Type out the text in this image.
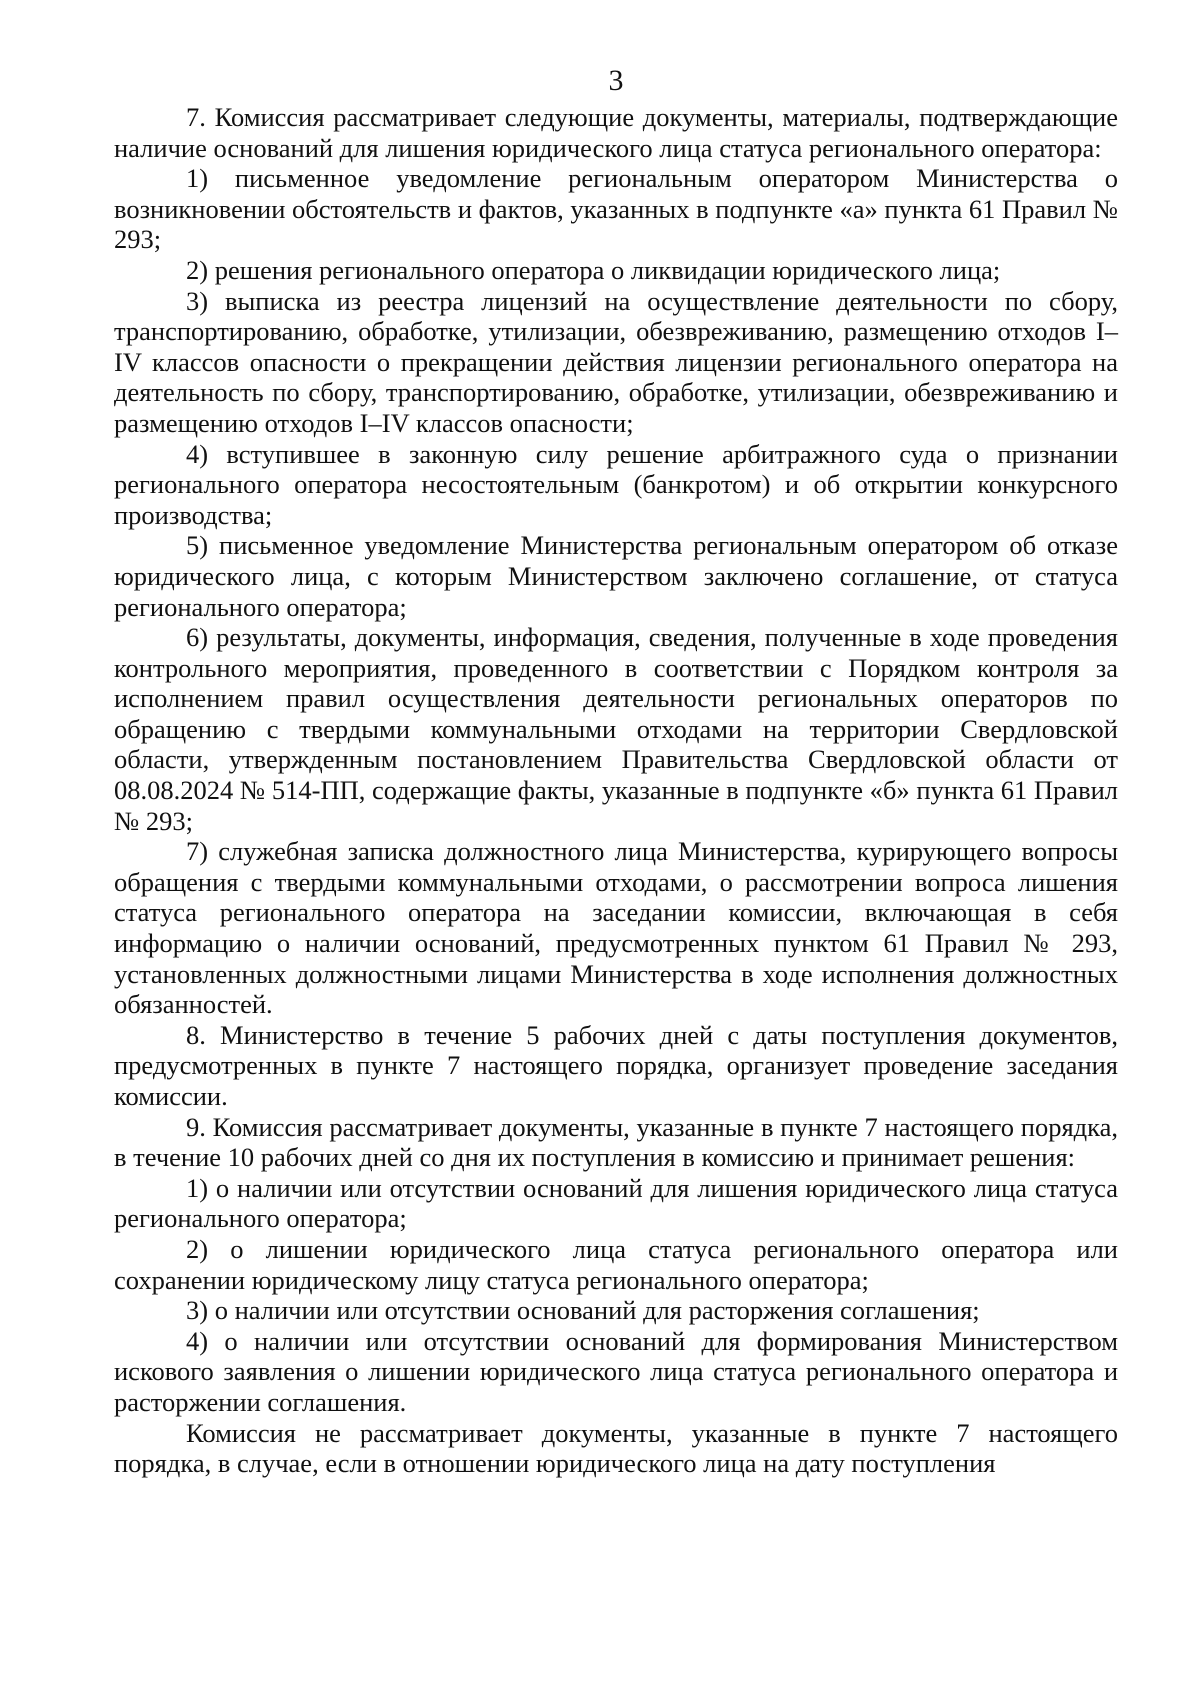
3

7. Комиссия рассматривает следующие документы, материалы, подтверждающие наличие оснований для лишения юридического лица статуса регионального оператора:

1) письменное уведомление региональным оператором Министерства о возникновении обстоятельств и фактов, указанных в подпункте «а» пункта 61 Правил № 293;

2) решения регионального оператора о ликвидации юридического лица;

3) выписка из реестра лицензий на осуществление деятельности по сбору, транспортированию, обработке, утилизации, обезвреживанию, размещению отходов I–IV классов опасности о прекращении действия лицензии регионального оператора на деятельность по сбору, транспортированию, обработке, утилизации, обезвреживанию и размещению отходов I–IV классов опасности;

4) вступившее в законную силу решение арбитражного суда о признании регионального оператора несостоятельным (банкротом) и об открытии конкурсного производства;

5) письменное уведомление Министерства региональным оператором об отказе юридического лица, с которым Министерством заключено соглашение, от статуса регионального оператора;

6) результаты, документы, информация, сведения, полученные в ходе проведения контрольного мероприятия, проведенного в соответствии с Порядком контроля за исполнением правил осуществления деятельности региональных операторов по обращению с твердыми коммунальными отходами на территории Свердловской области, утвержденным постановлением Правительства Свердловской области от 08.08.2024 № 514-ПП, содержащие факты, указанные в подпункте «б» пункта 61 Правил № 293;

7) служебная записка должностного лица Министерства, курирующего вопросы обращения с твердыми коммунальными отходами, о рассмотрении вопроса лишения статуса регионального оператора на заседании комиссии, включающая в себя информацию о наличии оснований, предусмотренных пунктом 61 Правил № 293, установленных должностными лицами Министерства в ходе исполнения должностных обязанностей.

8. Министерство в течение 5 рабочих дней с даты поступления документов, предусмотренных в пункте 7 настоящего порядка, организует проведение заседания комиссии.

9. Комиссия рассматривает документы, указанные в пункте 7 настоящего порядка, в течение 10 рабочих дней со дня их поступления в комиссию и принимает решения:

1) о наличии или отсутствии оснований для лишения юридического лица статуса регионального оператора;

2) о лишении юридического лица статуса регионального оператора или сохранении юридическому лицу статуса регионального оператора;

3) о наличии или отсутствии оснований для расторжения соглашения;

4) о наличии или отсутствии оснований для формирования Министерством искового заявления о лишении юридического лица статуса регионального оператора и расторжении соглашения.

Комиссия не рассматривает документы, указанные в пункте 7 настоящего порядка, в случае, если в отношении юридического лица на дату поступления
